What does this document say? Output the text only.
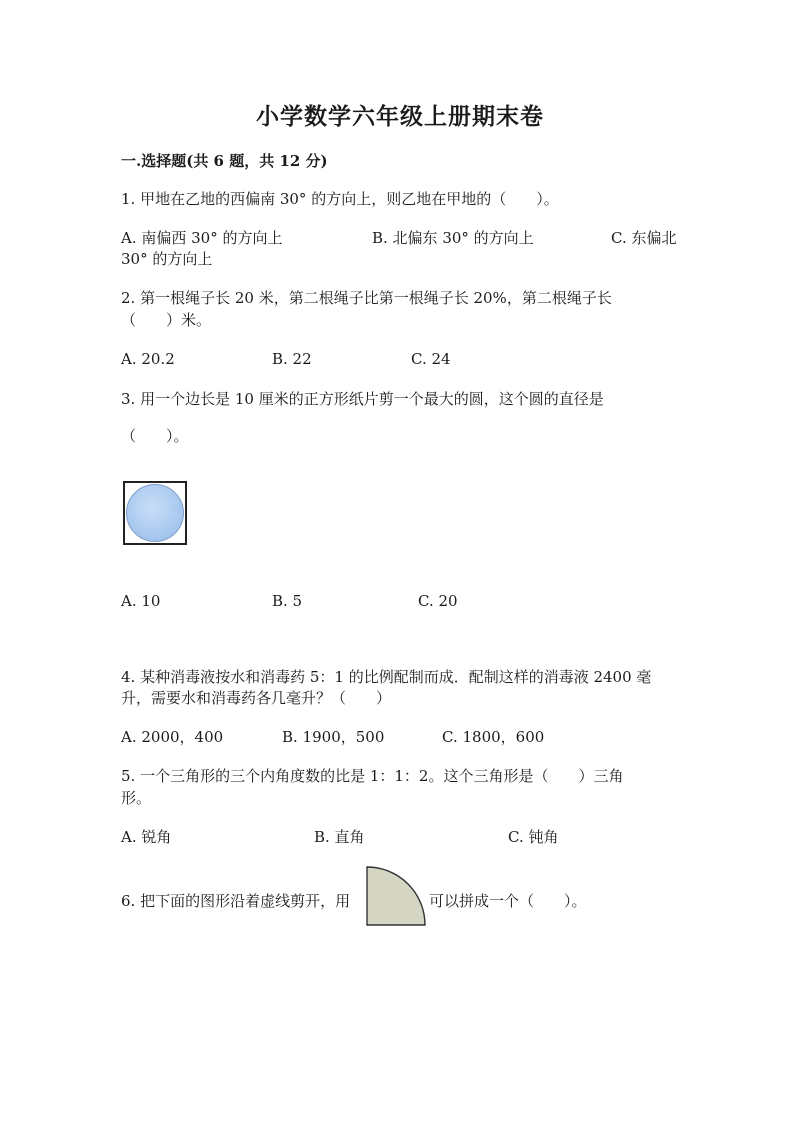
小学数学六年级上册期末卷
一.选择题(共 6 题，共 12 分)
1. 甲地在乙地的西偏南 30° 的方向上，则乙地在甲地的（　　）。
A. 南偏西 30° 的方向上	B. 北偏东 30° 的方向上	C. 东偏北
30° 的方向上
2. 第一根绳子长 20 米，第二根绳子比第一根绳子长 20%，第二根绳子长
（　　）米。
A. 20.2	B. 22	C. 24
3. 用一个边长是 10 厘米的正方形纸片剪一个最大的圆，这个圆的直径是
（　　）。
A. 10	B. 5	C. 20
4. 某种消毒液按水和消毒药 5：1 的比例配制而成．配制这样的消毒液 2400 毫
升，需要水和消毒药各几毫升？（　　）
A. 2000，400	B. 1900，500	C. 1800，600
5. 一个三角形的三个内角度数的比是 1：1：2。这个三角形是（　　）三角
形。
A. 锐角	B. 直角	C. 钝角
6. 把下面的图形沿着虚线剪开，用	可以拼成一个（　　）。
